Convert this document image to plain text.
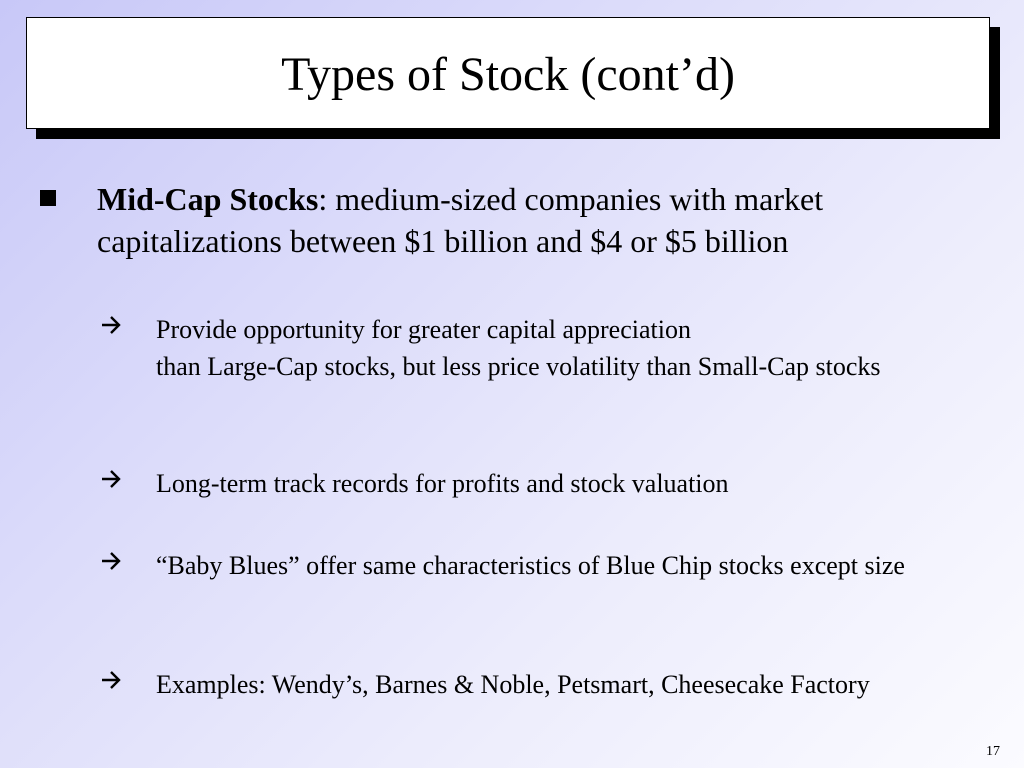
Types of Stock (cont’d)
Mid-Cap Stocks: medium-sized companies with market capitalizations between $1 billion and $4 or $5 billion
Provide opportunity for greater capital appreciation
than Large-Cap stocks, but less price volatility than Small-Cap stocks
Long-term track records for profits and stock valuation
“Baby Blues” offer same characteristics of Blue Chip stocks except size
Examples: Wendy’s, Barnes & Noble, Petsmart, Cheesecake Factory
17
